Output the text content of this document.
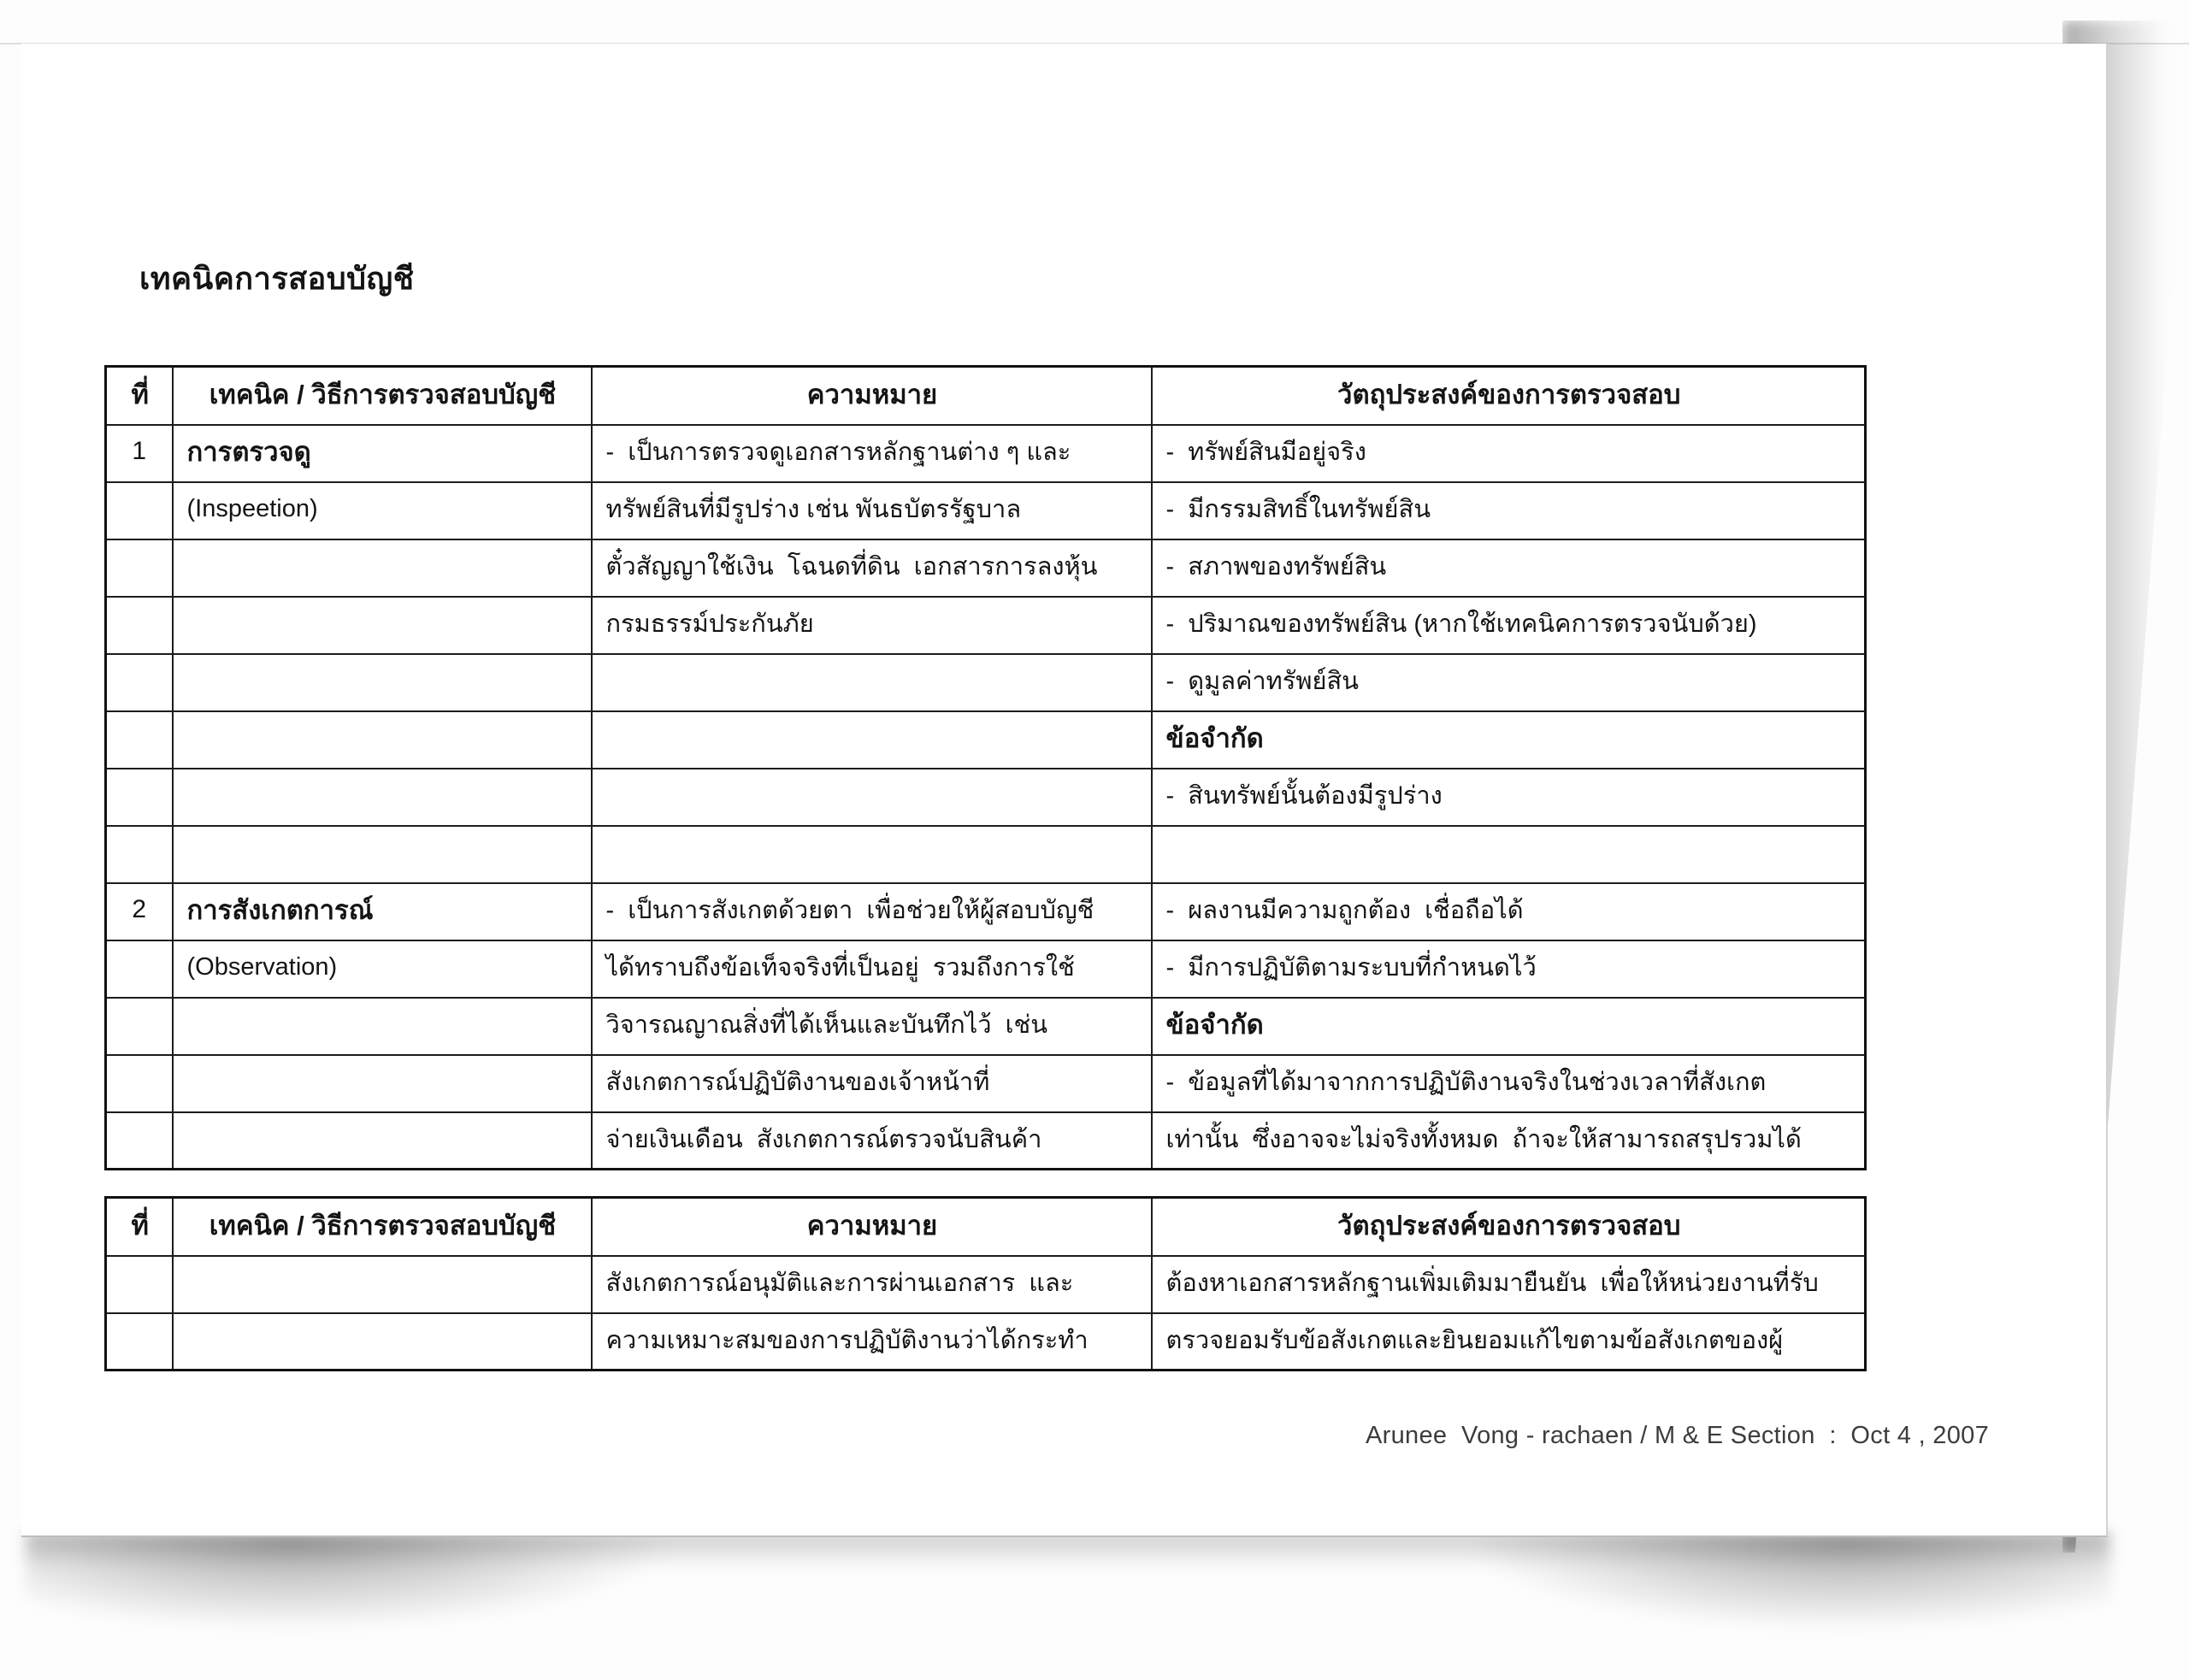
เทคนิคการสอบบัญชี
ที่	เทคนิค / วิธีการตรวจสอบบัญชี	ความหมาย	วัตถุประสงค์ของการตรวจสอบ
1	การตรวจดู	-  เป็นการตรวจดูเอกสารหลักฐานต่าง ๆ และ	-  ทรัพย์สินมีอยู่จริง
	(Inspeetion)	ทรัพย์สินที่มีรูปร่าง เช่น พันธบัตรรัฐบาล	-  มีกรรมสิทธิ์ในทรัพย์สิน
		ตั๋วสัญญาใช้เงิน  โฉนดที่ดิน  เอกสารการลงหุ้น	-  สภาพของทรัพย์สิน
		กรมธรรม์ประกันภัย	-  ปริมาณของทรัพย์สิน (หากใช้เทคนิคการตรวจนับด้วย)
			-  ดูมูลค่าทรัพย์สิน
			ข้อจำกัด
			-  สินทรัพย์นั้นต้องมีรูปร่าง

2	การสังเกตการณ์	-  เป็นการสังเกตด้วยตา  เพื่อช่วยให้ผู้สอบบัญชี	-  ผลงานมีความถูกต้อง  เชื่อถือได้
	(Observation)	ได้ทราบถึงข้อเท็จจริงที่เป็นอยู่  รวมถึงการใช้	-  มีการปฏิบัติตามระบบที่กำหนดไว้
		วิจารณญาณสิ่งที่ได้เห็นและบันทึกไว้  เช่น	ข้อจำกัด
		สังเกตการณ์ปฏิบัติงานของเจ้าหน้าที่	-  ข้อมูลที่ได้มาจากการปฏิบัติงานจริงในช่วงเวลาที่สังเกต
		จ่ายเงินเดือน  สังเกตการณ์ตรวจนับสินค้า	เท่านั้น  ซึ่งอาจจะไม่จริงทั้งหมด  ถ้าจะให้สามารถสรุปรวมได้
ที่	เทคนิค / วิธีการตรวจสอบบัญชี	ความหมาย	วัตถุประสงค์ของการตรวจสอบ
		สังเกตการณ์อนุมัติและการผ่านเอกสาร  และ	ต้องหาเอกสารหลักฐานเพิ่มเติมมายืนยัน  เพื่อให้หน่วยงานที่รับ
		ความเหมาะสมของการปฏิบัติงานว่าได้กระทำ	ตรวจยอมรับข้อสังเกตและยินยอมแก้ไขตามข้อสังเกตของผู้
Arunee  Vong - rachaen / M & E Section  :  Oct 4 , 2007
